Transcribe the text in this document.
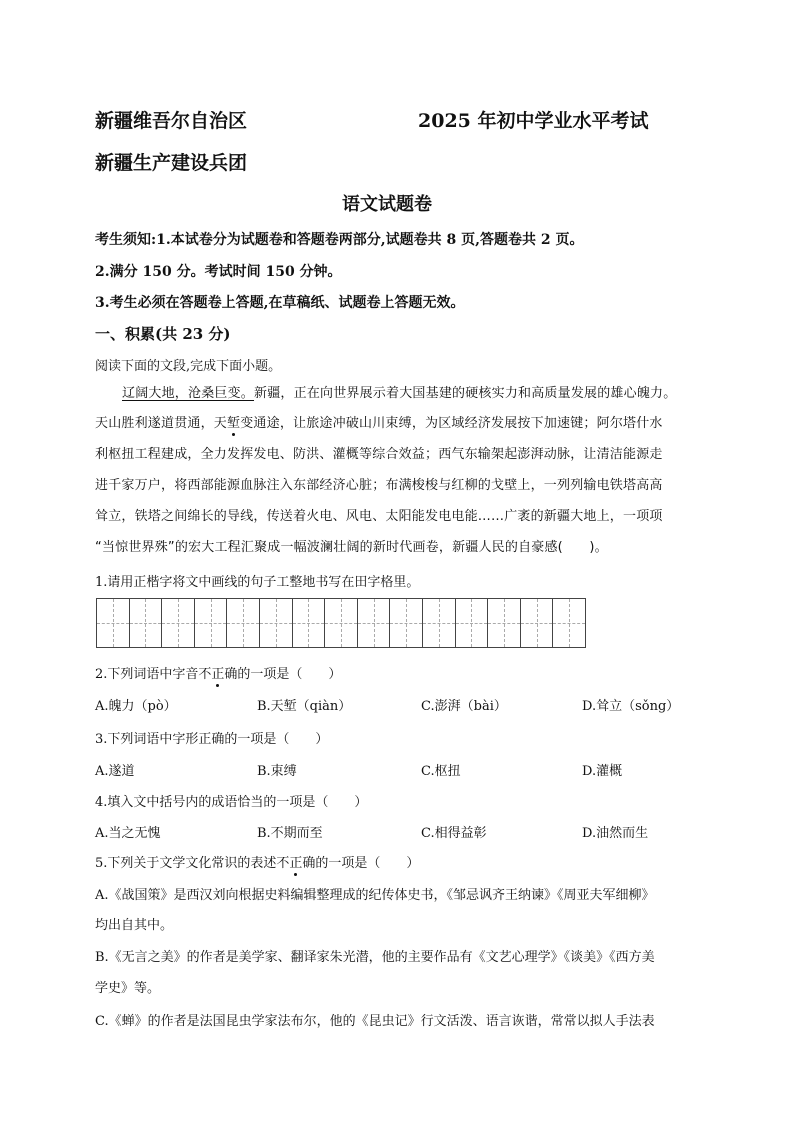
新疆维吾尔自治区	2025 年初中学业水平考试
新疆生产建设兵团
语文试题卷
考生须知:1.本试卷分为试题卷和答题卷两部分,试题卷共 8 页,答题卷共 2 页。
2.满分 150 分。考试时间 150 分钟。
3.考生必须在答题卷上答题,在草稿纸、试题卷上答题无效。
一、积累(共 23 分)
阅读下面的文段,完成下面小题。
辽阔大地，沧桑巨变。新疆，正在向世界展示着大国基建的硬核实力和高质量发展的雄心魄力。
天山胜利遂道贯通，天堑变通途，让旅途冲破山川束缚，为区域经济发展按下加速键；阿尔塔什水
利枢扭工程建成，全力发挥发电、防洪、灌概等综合效益；西气东输架起澎湃动脉，让清洁能源走
进千家万户，将西部能源血脉注入东部经济心脏；布满梭梭与红柳的戈壁上，一列列输电铁塔高高
耸立，铁塔之间绵长的导线，传送着火电、风电、太阳能发电电能……广袤的新疆大地上，一项项
“当惊世界殊”的宏大工程汇聚成一幅波澜壮阔的新时代画卷，新疆人民的自豪感(　　)。
1.请用正楷字将文中画线的句子工整地书写在田字格里。
2.下列词语中字音不正确的一项是（　　）
A.魄力（pò）	B.天堑（qiàn）	C.澎湃（bài）	D.耸立（sǒng）
3.下列词语中字形正确的一项是（　　）
A.遂道	B.束缚	C.枢扭	D.灌概
4.填入文中括号内的成语恰当的一项是（　　）
A.当之无愧	B.不期而至	C.相得益彰	D.油然而生
5.下列关于文学文化常识的表述不正确的一项是（　　）
A.《战国策》是西汉刘向根据史料编辑整理成的纪传体史书，《邹忌讽齐王纳谏》《周亚夫军细柳》
均出自其中。
B.《无言之美》的作者是美学家、翻译家朱光潜，他的主要作品有《文艺心理学》《谈美》《西方美
学史》等。
C.《蝉》的作者是法国昆虫学家法布尔，他的《昆虫记》行文活泼、语言诙谐，常常以拟人手法表
